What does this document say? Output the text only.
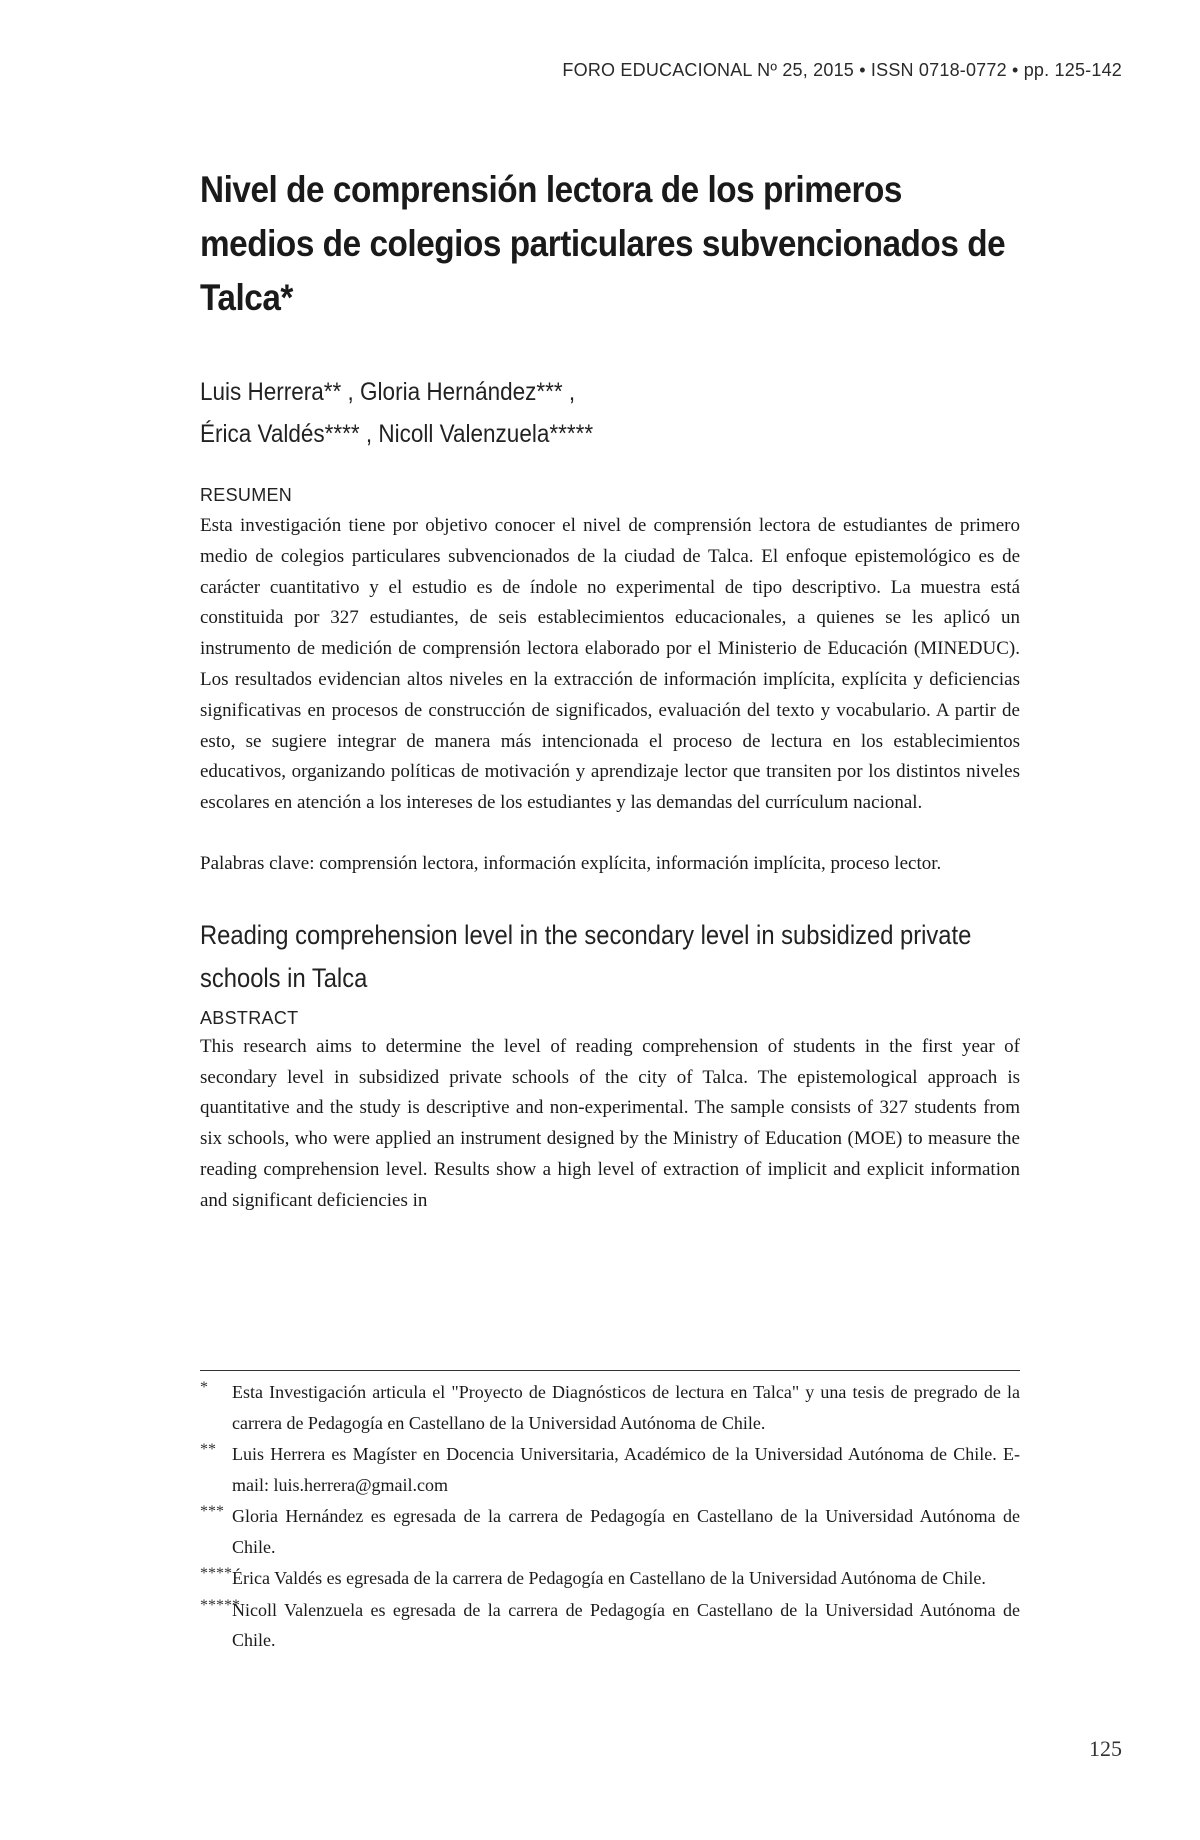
FORO EDUCACIONAL Nº 25, 2015 • ISSN 0718-0772 • pp. 125-142
Nivel de comprensión lectora de los primeros medios de colegios particulares subvencionados de Talca*
Luis Herrera** , Gloria Hernández*** ,
Érica Valdés**** , Nicoll Valenzuela*****
RESUMEN

Esta investigación tiene por objetivo conocer el nivel de comprensión lectora de estudiantes de primero medio de colegios particulares subvencionados de la ciudad de Talca. El enfoque epistemológico es de carácter cuantitativo y el estudio es de índole no experimental de tipo descriptivo. La muestra está constituida por 327 estudiantes, de seis establecimientos educacionales, a quienes se les aplicó un instrumento de medición de comprensión lectora elaborado por el Ministerio de Educación (MINEDUC). Los resultados evidencian altos niveles en la extracción de información implícita, explícita y deficiencias significativas en procesos de construcción de significados, evaluación del texto y vocabulario. A partir de esto, se sugiere integrar de manera más intencionada el proceso de lectura en los establecimientos educativos, organizando políticas de motivación y aprendizaje lector que transiten por los distintos niveles escolares en atención a los intereses de los estudiantes y las demandas del currículum nacional.

Palabras clave: comprensión lectora, información explícita, información implícita, proceso lector.

Reading comprehension level in the secondary level in subsidized private schools in Talca
ABSTRACT

This research aims to determine the level of reading comprehension of students in the first year of secondary level in subsidized private schools of the city of Talca. The epistemological approach is quantitative and the study is descriptive and non-experimental. The sample consists of 327 students from six schools, who were applied an instrument designed by the Ministry of Education (MOE) to measure the reading comprehension level. Results show a high level of extraction of implicit and explicit information and significant deficiencies in

*	Esta Investigación articula el "Proyecto de Diagnósticos de lectura en Talca" y una tesis de pregrado de la carrera de Pedagogía en Castellano de la Universidad Autónoma de Chile.
** Luis Herrera es Magíster en Docencia Universitaria, Académico de la Universidad Autónoma de Chile. E-mail: luis.herrera@gmail.com
*** Gloria Hernández es egresada de la carrera de Pedagogía en Castellano de la Universidad Autónoma de Chile.
**** Érica Valdés es egresada de la carrera de Pedagogía en Castellano de la Universidad Autónoma de Chile.
*****
Nicoll Valenzuela es egresada de la carrera de Pedagogía en Castellano de la Universidad Autónoma de Chile.
125
